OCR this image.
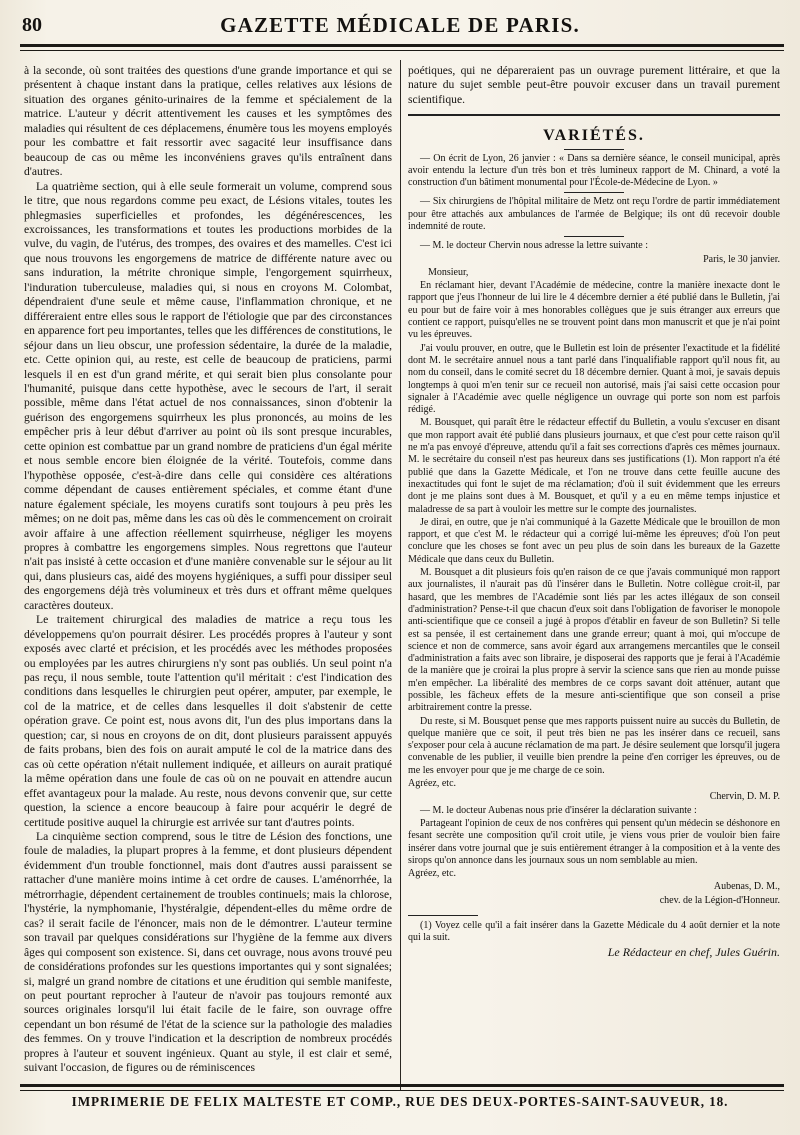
80	GAZETTE MÉDICALE DE PARIS.

à la seconde, où sont traitées des questions d'une grande importance et qui se présentent à chaque instant dans la pratique, celles relatives aux lésions de situation des organes génito-urinaires de la femme et spécialement de la matrice. L'auteur y décrit attentivement les causes et les symptômes des maladies qui résultent de ces déplacemens, énumère tous les moyens employés pour les combattre et fait ressortir avec sagacité leur insuffisance dans beaucoup de cas ou même les inconvéniens graves qu'ils entraînent dans d'autres.

La quatrième section, qui à elle seule formerait un volume, comprend sous le titre, que nous regardons comme peu exact, de Lésions vitales, toutes les phlegmasies superficielles et profondes, les dégénérescences, les excroissances, les transformations et toutes les productions morbides de la vulve, du vagin, de l'utérus, des trompes, des ovaires et des mamelles. C'est ici que nous trouvons les engorgemens de matrice de différente nature avec ou sans induration, la métrite chronique simple, l'engorgement squirrheux, l'induration tuberculeuse, maladies qui, si nous en croyons M. Colombat, dépendraient d'une seule et même cause, l'inflammation chronique, et ne différeraient entre elles sous le rapport de l'étiologie que par des circonstances en apparence fort peu importantes, telles que les différences de constitutions, le séjour dans un lieu obscur, une profession sédentaire, la durée de la maladie, etc. Cette opinion qui, au reste, est celle de beaucoup de praticiens, parmi lesquels il en est d'un grand mérite, et qui serait bien plus consolante pour l'humanité, puisque dans cette hypothèse, avec le secours de l'art, il serait possible, même dans l'état actuel de nos connaissances, sinon d'obtenir la guérison des engorgemens squirrheux les plus prononcés, au moins de les empêcher pris à leur début d'arriver au point où ils sont presque incurables, cette opinion est combattue par un grand nombre de praticiens d'un égal mérite et nous semble encore bien éloignée de la vérité. Toutefois, comme dans l'hypothèse opposée, c'est-à-dire dans celle qui considère ces altérations comme dépendant de causes entièrement spéciales, et comme étant d'une nature également spéciale, les moyens curatifs sont toujours à peu près les mêmes; on ne doit pas, même dans les cas où dès le commencement on croirait avoir affaire à une affection réellement squirrheuse, négliger les moyens propres à combattre les engorgemens simples. Nous regrettons que l'auteur n'ait pas insisté à cette occasion et d'une manière convenable sur le séjour au lit qui, dans plusieurs cas, aidé des moyens hygiéniques, a suffi pour dissiper seul des engorgemens déjà très volumineux et très durs et offrant même quelques caractères douteux.

Le traitement chirurgical des maladies de matrice a reçu tous les développemens qu'on pourrait désirer. Les procédés propres à l'auteur y sont exposés avec clarté et précision, et les procédés avec les méthodes proposées ou employées par les autres chirurgiens n'y sont pas oubliés. Un seul point n'a pas reçu, il nous semble, toute l'attention qu'il méritait : c'est l'indication des conditions dans lesquelles le chirurgien peut opérer, amputer, par exemple, le col de la matrice, et de celles dans lesquelles il doit s'abstenir de cette opération grave. Ce point est, nous avons dit, l'un des plus importans dans la question; car, si nous en croyons de on dit, dont plusieurs paraissent appuyés de faits probans, bien des fois on aurait amputé le col de la matrice dans des cas où cette opération n'était nullement indiquée, et ailleurs on aurait pratiqué la même opération dans une foule de cas où on ne pouvait en attendre aucun effet avantageux pour la malade. Au reste, nous devons convenir que, sur cette question, la science a encore beaucoup à faire pour acquérir le degré de certitude positive auquel la chirurgie est arrivée sur tant d'autres points.

La cinquième section comprend, sous le titre de Lésion des fonctions, une foule de maladies, la plupart propres à la femme, et dont plusieurs dépendent évidemment d'un trouble fonctionnel, mais dont d'autres aussi paraissent se rattacher d'une manière moins intime à cet ordre de causes. L'aménorrhée, la métrorrhagie, dépendent certainement de troubles continuels; mais la chlorose, l'hystérie, la nymphomanie, l'hystéralgie, dépendent-elles du même ordre de cas? il serait facile de l'énoncer, mais non de le démontrer. L'auteur termine son travail par quelques considérations sur l'hygiène de la femme aux divers âges qui composent son existence. Si, dans cet ouvrage, nous avons trouvé peu de considérations profondes sur les questions importantes qui y sont signalées; si, malgré un grand nombre de citations et une érudition qui semble manifeste, on peut pourtant reprocher à l'auteur de n'avoir pas toujours remonté aux sources originales lorsqu'il lui était facile de le faire, son ouvrage offre cependant un bon résumé de l'état de la science sur la pathologie des maladies des femmes. On y trouve l'indication et la description de nombreux procédés propres à l'auteur et souvent ingénieux. Quant au style, il est clair et semé, suivant l'occasion, de figures ou de réminiscences

poétiques, qui ne dépareraient pas un ouvrage purement littéraire, et que la nature du sujet semble peut-être pouvoir excuser dans un travail purement scientifique.

VARIÉTÉS.

— On écrit de Lyon, 26 janvier : « Dans sa dernière séance, le conseil municipal, après avoir entendu la lecture d'un très bon et très lumineux rapport de M. Chinard, a voté la construction d'un bâtiment monumental pour l'École-de-Médecine de Lyon. »

— Six chirurgiens de l'hôpital militaire de Metz ont reçu l'ordre de partir immédiatement pour être attachés aux ambulances de l'armée de Belgique; ils ont dû recevoir double indemnité de route.

— M. le docteur Chervin nous adresse la lettre suivante :

Paris, le 30 janvier.

Monsieur,

En réclamant hier, devant l'Académie de médecine, contre la manière inexacte dont le rapport que j'eus l'honneur de lui lire le 4 décembre dernier a été publié dans le Bulletin, j'ai eu pour but de faire voir à mes honorables collègues que je suis étranger aux erreurs que contient ce rapport, puisqu'elles ne se trouvent point dans mon manuscrit et que je n'ai point vu les épreuves.

J'ai voulu prouver, en outre, que le Bulletin est loin de présenter l'exactitude et la fidélité dont M. le secrétaire annuel nous a tant parlé dans l'inqualifiable rapport qu'il nous fit, au nom du conseil, dans le comité secret du 18 décembre dernier. Quant à moi, je savais depuis longtemps à quoi m'en tenir sur ce recueil non autorisé, mais j'ai saisi cette occasion pour signaler à l'Académie avec quelle négligence un ouvrage qui porte son nom est parfois rédigé.

M. Bousquet, qui paraît être le rédacteur effectif du Bulletin, a voulu s'excuser en disant que mon rapport avait été publié dans plusieurs journaux, et que c'est pour cette raison qu'il ne m'a pas envoyé d'épreuve, attendu qu'il a fait ses corrections d'après ces mêmes journaux. M. le secrétaire du conseil n'est pas heureux dans ses justifications (1). Mon rapport n'a été publié que dans la Gazette Médicale, et l'on ne trouve dans cette feuille aucune des inexactitudes qui font le sujet de ma réclamation; d'où il suit évidemment que les erreurs dont je me plains sont dues à M. Bousquet, et qu'il y a eu en même temps injustice et maladresse de sa part à vouloir les mettre sur le compte des journalistes.

Je dirai, en outre, que je n'ai communiqué à la Gazette Médicale que le brouillon de mon rapport, et que c'est M. le rédacteur qui a corrigé lui-même les épreuves; d'où l'on peut conclure que les choses se font avec un peu plus de soin dans les bureaux de la Gazette Médicale que dans ceux du Bulletin.

M. Bousquet a dit plusieurs fois qu'en raison de ce que j'avais communiqué mon rapport aux journalistes, il n'aurait pas dû l'insérer dans le Bulletin. Notre collègue croit-il, par hasard, que les membres de l'Académie sont liés par les actes illégaux de son conseil d'administration? Pense-t-il que chacun d'eux soit dans l'obligation de favoriser le monopole anti-scientifique que ce conseil a jugé à propos d'établir en faveur de son Bulletin? Si telle est sa pensée, il est certainement dans une grande erreur; quant à moi, qui m'occupe de science et non de commerce, sans avoir égard aux arrangemens mercantiles que le conseil d'administration a faits avec son libraire, je disposerai des rapports que je ferai à l'Académie de la manière que je croirai la plus propre à servir la science sans que rien au monde puisse m'en empêcher. La libéralité des membres de ce corps savant doit atténuer, autant que possible, les fâcheux effets de la mesure anti-scientifique que son conseil a prise arbitrairement contre la presse.

Du reste, si M. Bousquet pense que mes rapports puissent nuire au succès du Bulletin, de quelque manière que ce soit, il peut très bien ne pas les insérer dans ce recueil, sans s'exposer pour cela à aucune réclamation de ma part. Je désire seulement que lorsqu'il jugera convenable de les publier, il veuille bien prendre la peine d'en corriger les épreuves, ou de me les envoyer pour que je me charge de ce soin.

Agréez, etc.

Chervin, D. M. P.

— M. le docteur Aubenas nous prie d'insérer la déclaration suivante :

Partageant l'opinion de ceux de nos confrères qui pensent qu'un médecin se déshonore en fesant secrète une composition qu'il croit utile, je viens vous prier de vouloir bien faire insérer dans votre journal que je suis entièrement étranger à la composition et à la vente des sirops qu'on annonce dans les journaux sous un nom semblable au mien.

Agréez, etc.

Aubenas, D. M.,

chev. de la Légion-d'Honneur.

(1) Voyez celle qu'il a fait insérer dans la Gazette Médicale du 4 août dernier et la note qui la suit.

Le Rédacteur en chef, Jules Guérin.

IMPRIMERIE DE FELIX MALTESTE ET COMP., RUE DES DEUX-PORTES-SAINT-SAUVEUR, 18.
